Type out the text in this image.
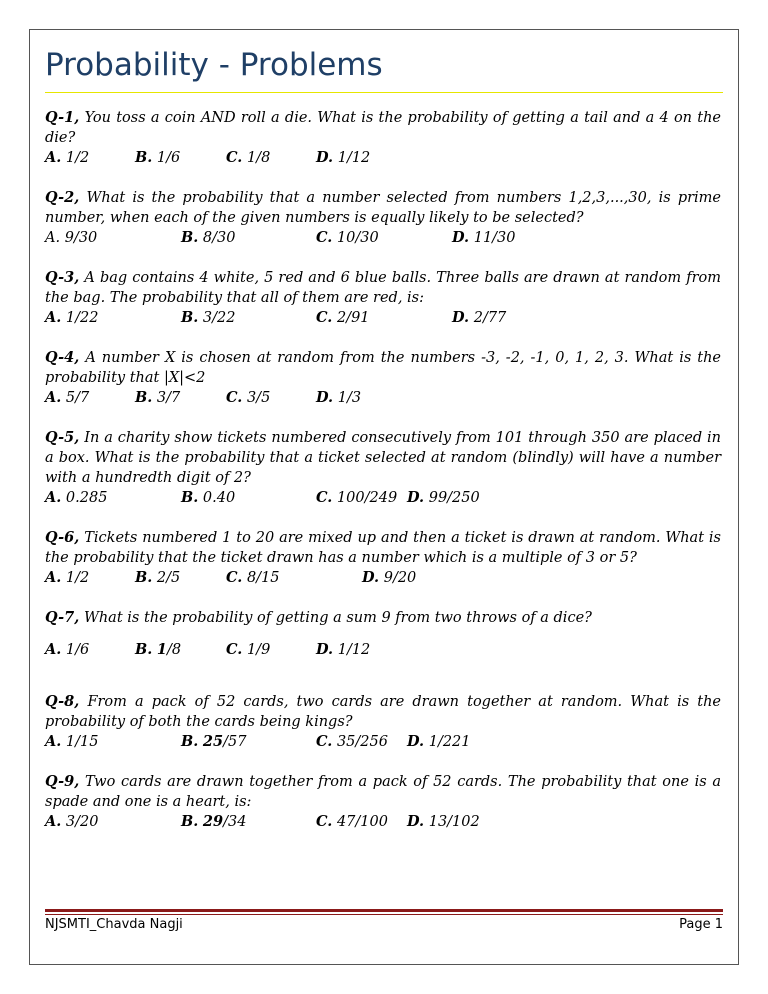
Probability - Problems

Q-1, You toss a coin AND roll a die. What is the probability of getting a tail and a 4 on the die?

A. 1/2	B. 1/6	C. 1/8	D. 1/12

Q-2, What is the probability that a number selected from numbers 1,2,3,...,30, is prime number, when each of the given numbers is equally likely to be selected?

A. 9/30	B. 8/30	C. 10/30	D. 11/30

Q-3, A bag contains 4 white, 5 red and 6 blue balls. Three balls are drawn at random from the bag. The probability that all of them are red, is:

A. 1/22	B. 3/22	C. 2/91	D. 2/77

Q-4, A number X is chosen at random from the numbers -3, -2, -1, 0, 1, 2, 3. What is the probability that |X|<2

A. 5/7	B. 3/7	C. 3/5	D. 1/3

Q-5, In a charity show tickets numbered consecutively from 101 through 350 are placed in a box. What is the probability that a ticket selected at random (blindly) will have a number with a hundredth digit of 2?

A. 0.285	B. 0.40	C. 100/249 D. 99/250

Q-6, Tickets numbered 1 to 20 are mixed up and then a ticket is drawn at random. What is the probability that the ticket drawn has a number which is a multiple of 3 or 5?

A. 1/2	B. 2/5	C. 8/15	D. 9/20

Q-7, What is the probability of getting a sum 9 from two throws of a dice?

A. 1/6	B. 1/8	C. 1/9	D. 1/12

Q-8, From a pack of 52 cards, two cards are drawn together at random. What is the probability of both the cards being kings?

A. 1/15	B. 25/57	C. 35/256 D. 1/221

Q-9, Two cards are drawn together from a pack of 52 cards. The probability that one is a spade and one is a heart, is:

A. 3/20	B. 29/34	C. 47/100 D. 13/102
NJSMTI_Chavda Nagji	Page 1
